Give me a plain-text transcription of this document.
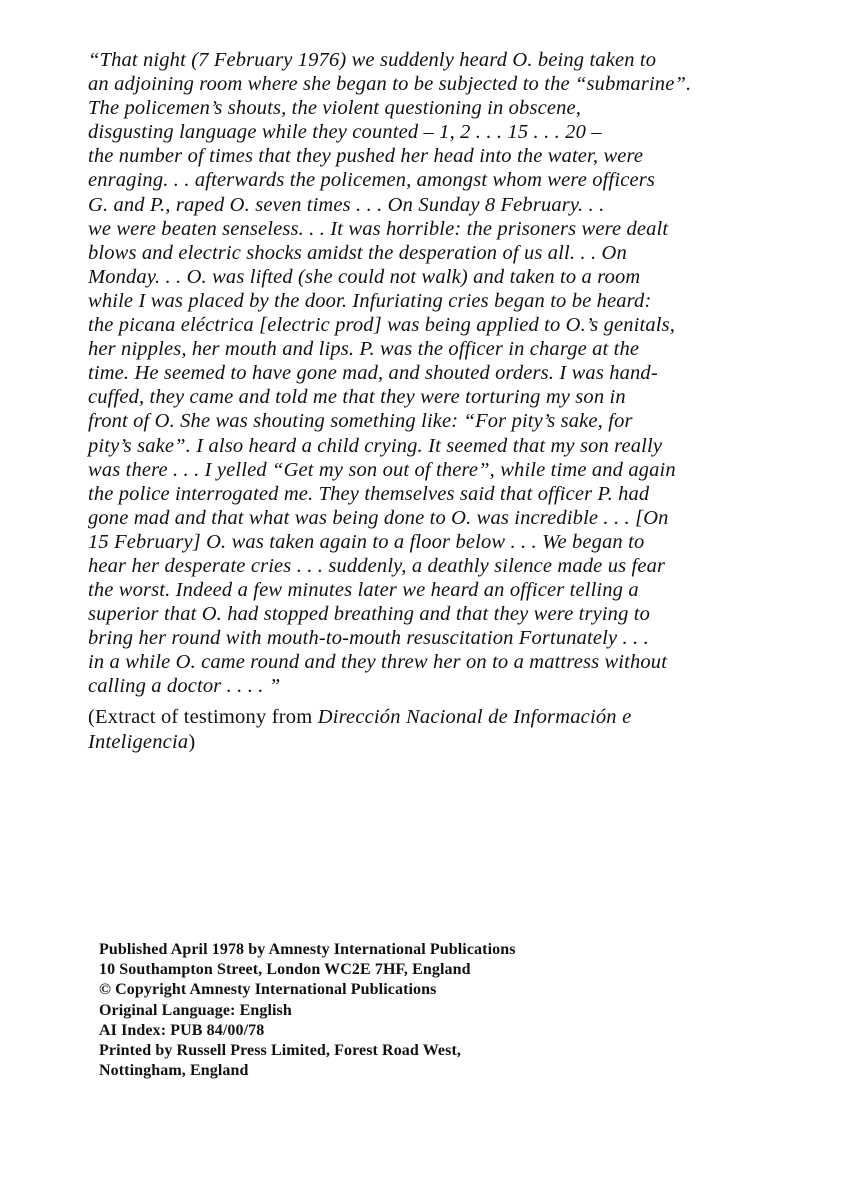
“That night (7 February 1976) we suddenly heard O. being taken to
an adjoining room where she began to be subjected to the “submarine”.
The policemen’s shouts, the violent questioning in obscene,
disgusting language while they counted – 1, 2 . . . 15 . . . 20 –
the number of times that they pushed her head into the water, were
enraging. . . afterwards the policemen, amongst whom were officers
G. and P., raped O. seven times . . . On Sunday 8 February. . .
we were beaten senseless. . . It was horrible: the prisoners were dealt
blows and electric shocks amidst the desperation of us all. . . On
Monday. . . O. was lifted (she could not walk) and taken to a room
while I was placed by the door. Infuriating cries began to be heard:
the picana eléctrica [electric prod] was being applied to O.’s genitals,
her nipples, her mouth and lips. P. was the officer in charge at the
time. He seemed to have gone mad, and shouted orders. I was hand-
cuffed, they came and told me that they were torturing my son in
front of O. She was shouting something like: “For pity’s sake, for
pity’s sake”. I also heard a child crying. It seemed that my son really
was there . . . I yelled “Get my son out of there”, while time and again
the police interrogated me. They themselves said that officer P. had
gone mad and that what was being done to O. was incredible . . . [On
15 February] O. was taken again to a floor below . . . We began to
hear her desperate cries . . . suddenly, a deathly silence made us fear
the worst. Indeed a few minutes later we heard an officer telling a
superior that O. had stopped breathing and that they were trying to
bring her round with mouth-to-mouth resuscitation Fortunately . . .
in a while O. came round and they threw her on to a mattress without
calling a doctor . . . . ”
(Extract of testimony from Dirección Nacional de Información e
Inteligencia)
Published April 1978 by Amnesty International Publications
10 Southampton Street, London WC2E 7HF, England
© Copyright Amnesty International Publications
Original Language: English
AI Index: PUB 84/00/78
Printed by Russell Press Limited, Forest Road West,
Nottingham, England
